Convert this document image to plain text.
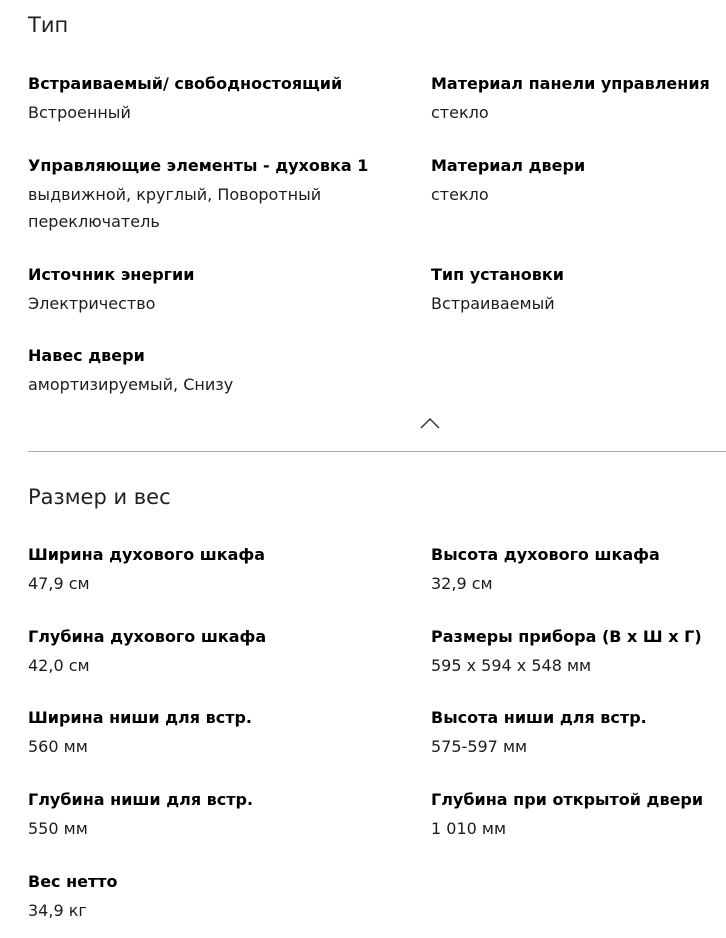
Тип
Встраиваемый/ свободностоящий
Встроенный
Материал панели управления
стекло
Управляющие элементы - духовка 1
выдвижной, круглый, Поворотный переключатель
Материал двери
стекло
Источник энергии
Электричество
Тип установки
Встраиваемый
Навес двери
амортизируемый, Снизу
Размер и вес
Ширина духового шкафа
47,9 см
Высота духового шкафа
32,9 см
Глубина духового шкафа
42,0 см
Размеры прибора (В x Ш x Г)
595 x 594 x 548 мм
Ширина ниши для встр.
560 мм
Высота ниши для встр.
575-597 мм
Глубина ниши для встр.
550 мм
Глубина при открытой двери
1 010 мм
Вес нетто
34,9 кг
